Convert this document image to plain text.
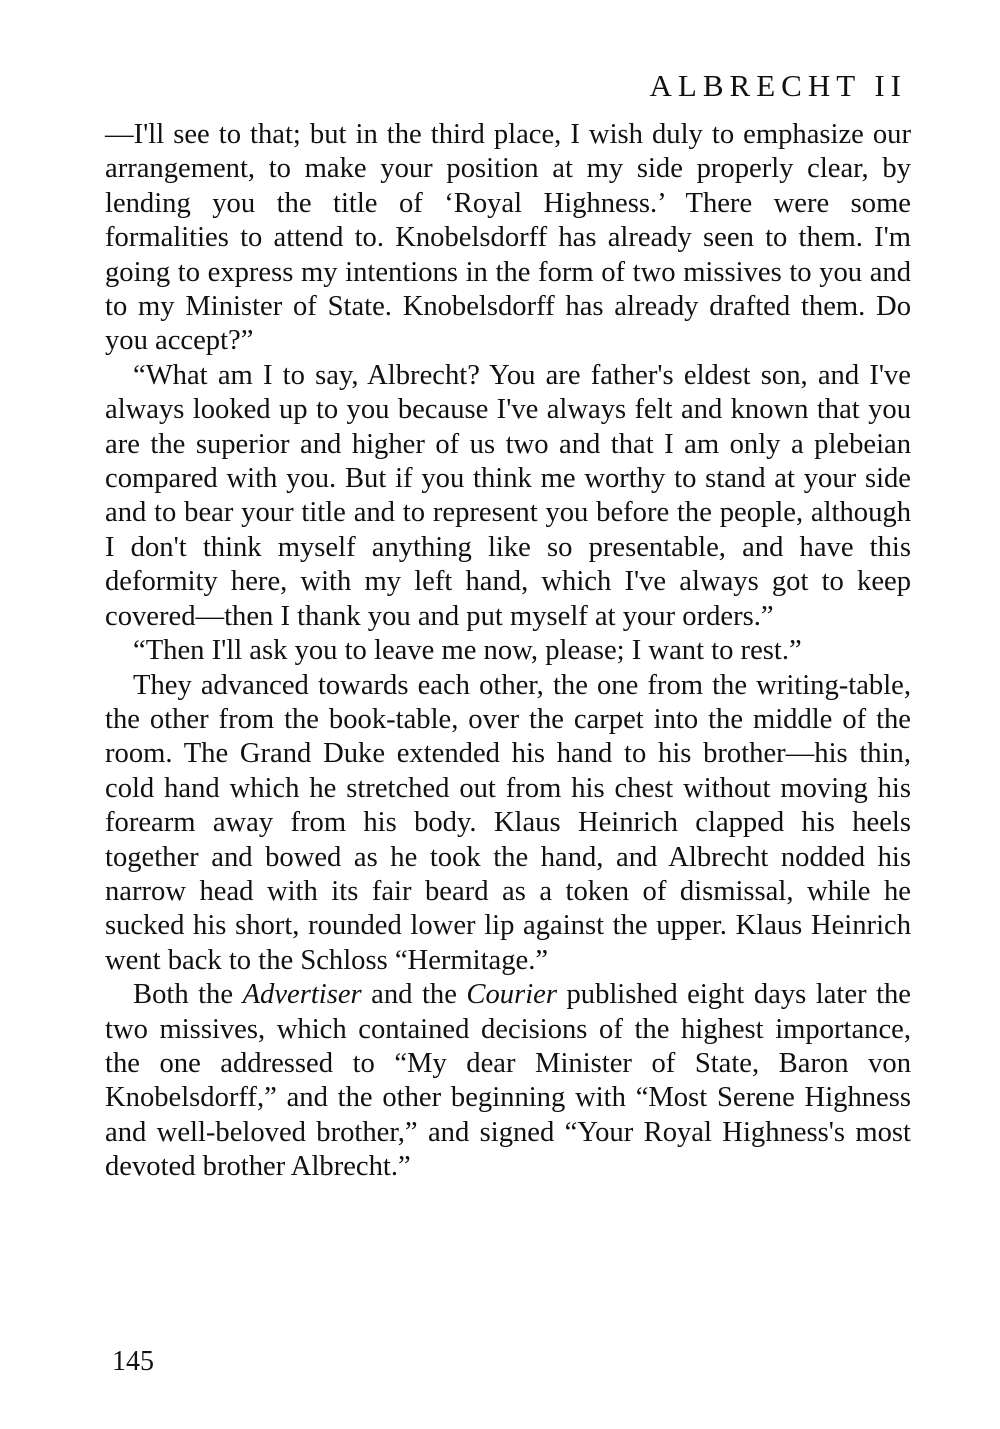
ALBRECHT II

—I'll see to that; but in the third place, I wish duly to emphasize our arrangement, to make your position at my side properly clear, by lending you the title of ‘Royal Highness.’ There were some formalities to attend to. Knobelsdorff has already seen to them. I'm going to express my intentions in the form of two missives to you and to my Minister of State. Knobelsdorff has already drafted them. Do you accept?”

“What am I to say, Albrecht? You are father's eldest son, and I've always looked up to you because I've always felt and known that you are the superior and higher of us two and that I am only a plebeian compared with you. But if you think me worthy to stand at your side and to bear your title and to represent you before the people, although I don't think myself anything like so presentable, and have this deformity here, with my left hand, which I've always got to keep covered—then I thank you and put myself at your orders.”

“Then I'll ask you to leave me now, please; I want to rest.”

They advanced towards each other, the one from the writing-table, the other from the book-table, over the carpet into the middle of the room. The Grand Duke extended his hand to his brother—his thin, cold hand which he stretched out from his chest without moving his forearm away from his body. Klaus Heinrich clapped his heels together and bowed as he took the hand, and Albrecht nodded his narrow head with its fair beard as a token of dismissal, while he sucked his short, rounded lower lip against the upper. Klaus Heinrich went back to the Schloss “Hermitage.”

Both the Advertiser and the Courier published eight days later the two missives, which contained decisions of the highest importance, the one addressed to “My dear Minister of State, Baron von Knobelsdorff,” and the other beginning with “Most Serene Highness and well-beloved brother,” and signed “Your Royal Highness's most devoted brother Albrecht.”

145
